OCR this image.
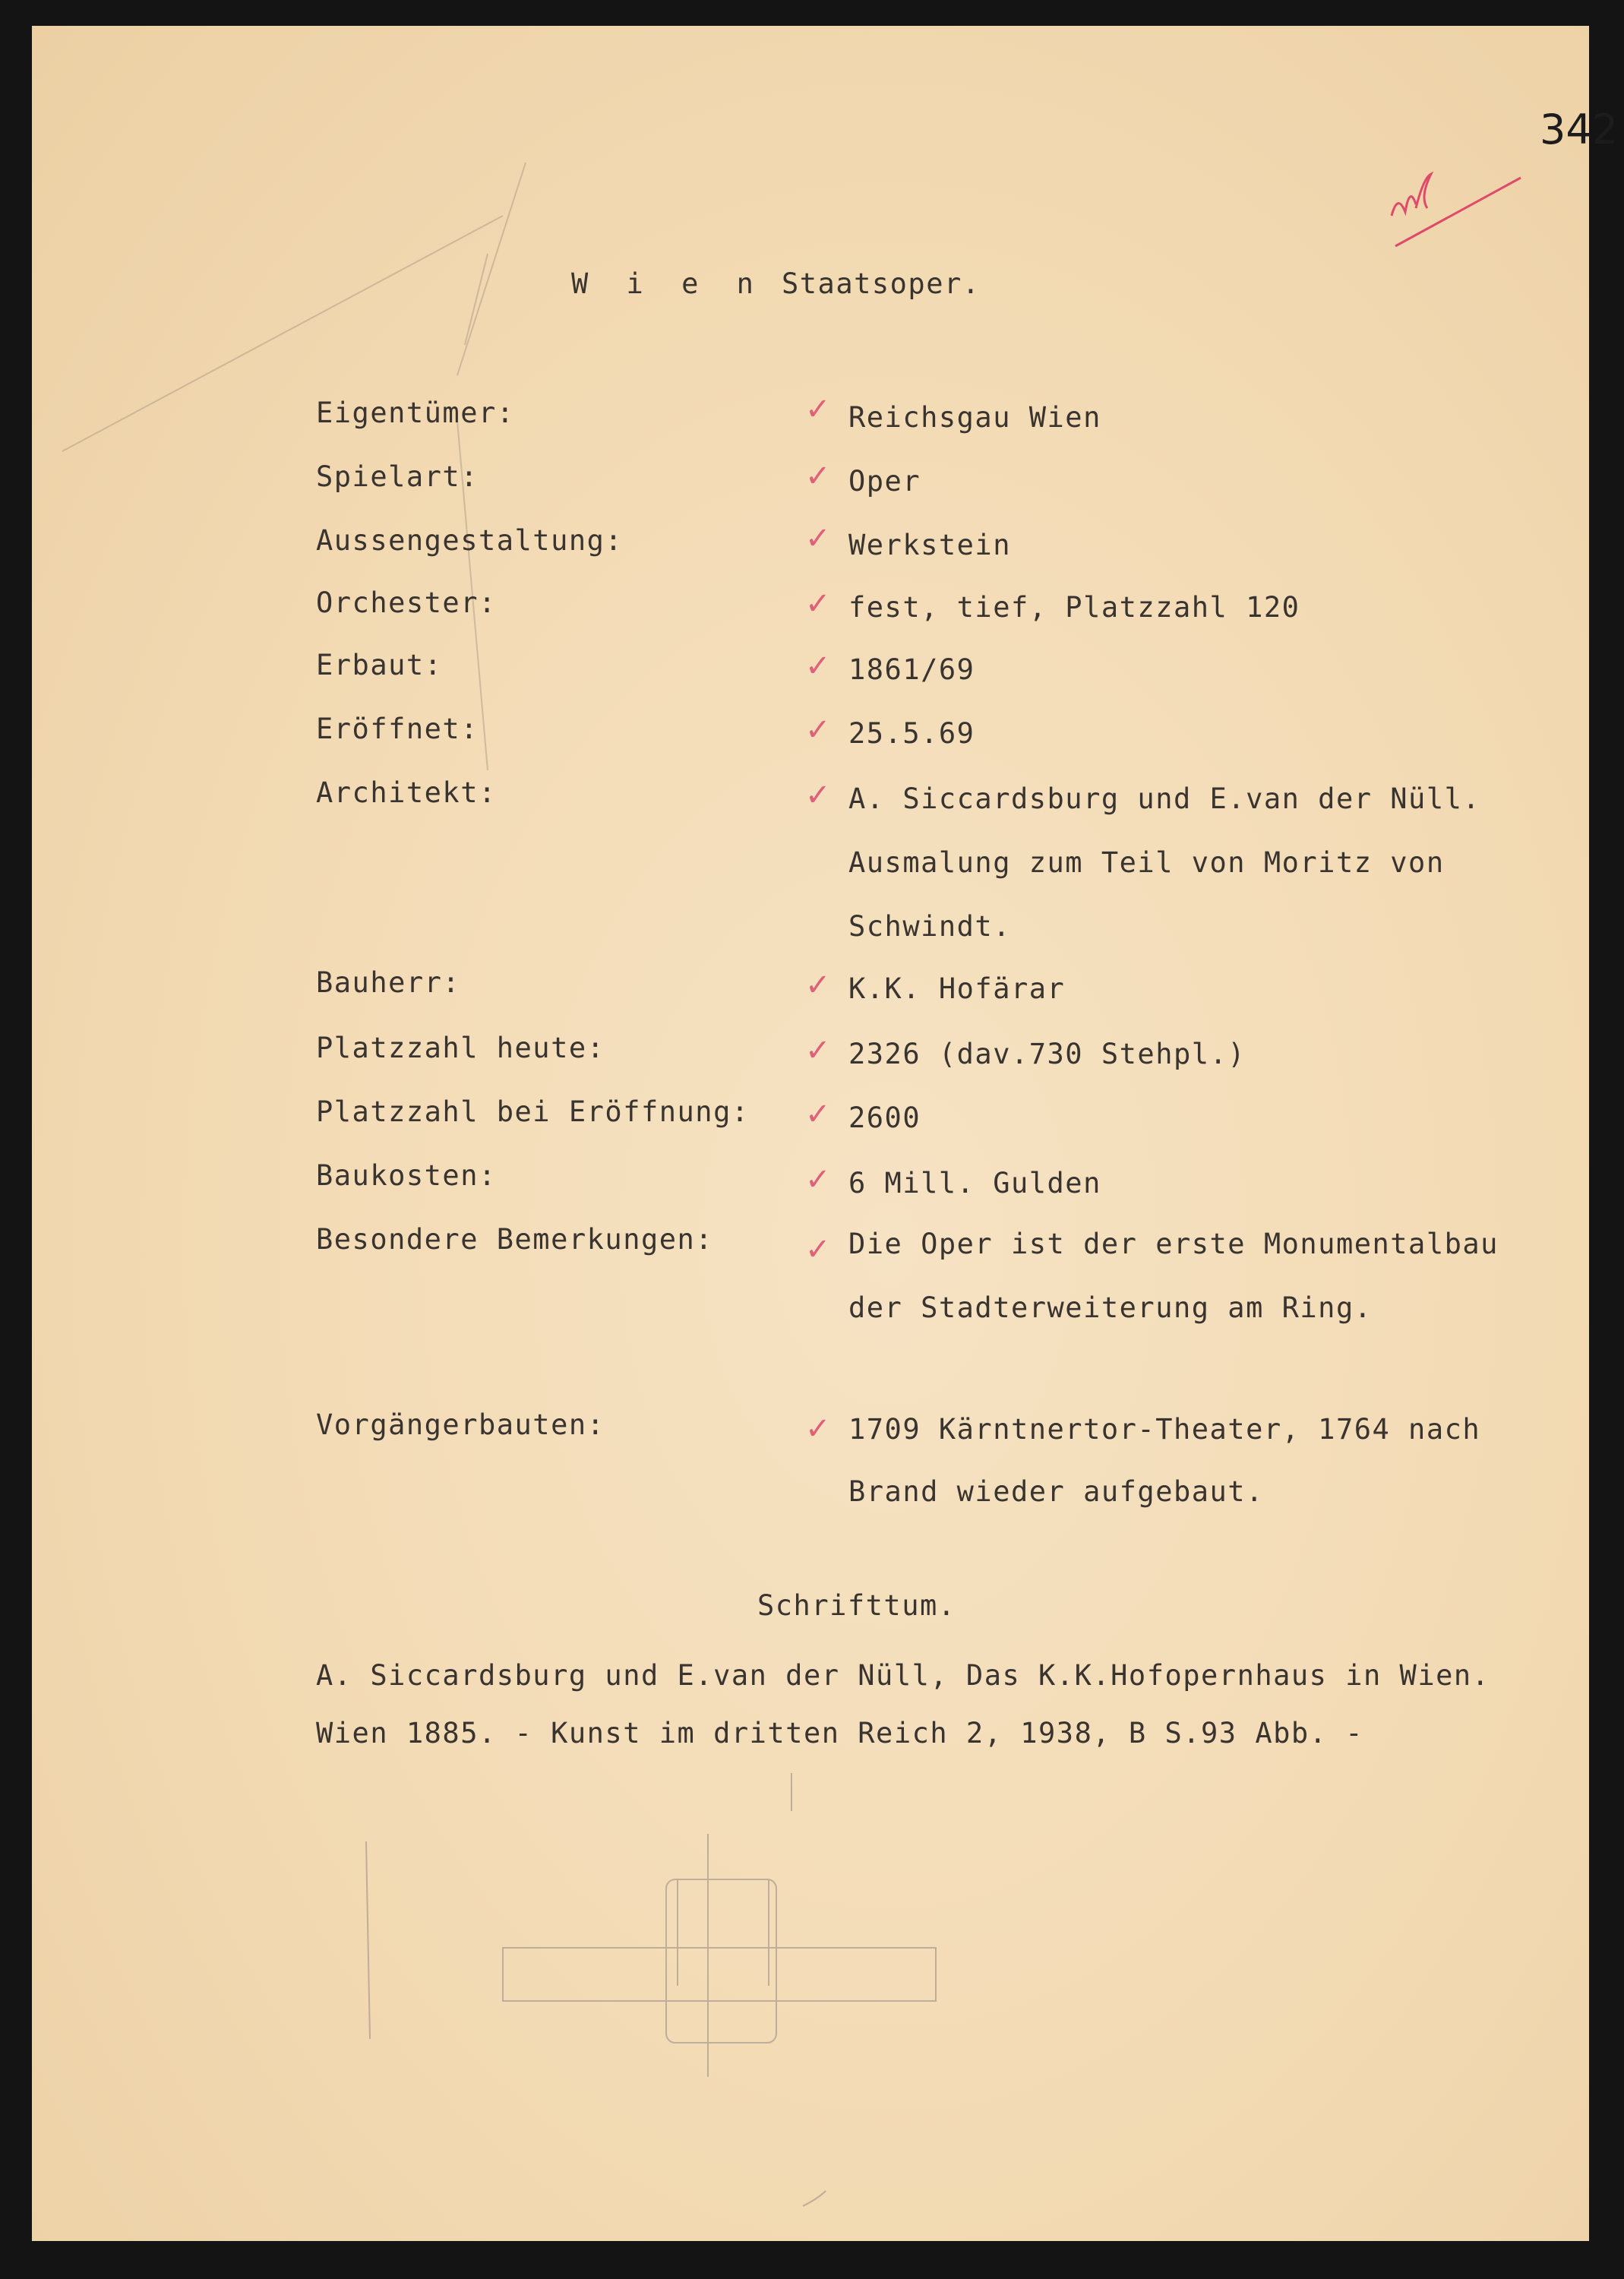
342
W i e n Staatsoper.
Eigentümer:	✓ Reichsgau Wien
Spielart:	✓ Oper
Aussengestaltung:	✓ Werkstein
Orchester:	✓ fest, tief, Platzzahl 120
Erbaut:	✓ 1861/69
Eröffnet:	✓ 25.5.69
Architekt:	✓ A. Siccardsburg und E.van der Nüll.
Ausmalung zum Teil von Moritz von
Schwindt.
Bauherr:	✓ K.K. Hofärar
Platzzahl heute:	✓ 2326 (dav.730 Stehpl.)
Platzzahl bei Eröffnung: ✓ 2600
Baukosten:	✓ 6 Mill. Gulden
Besondere Bemerkungen:	✓ Die Oper ist der erste Monumentalbau
der Stadterweiterung am Ring.
Vorgängerbauten:	✓ 1709 Kärntnertor-Theater, 1764 nach
Brand wieder aufgebaut.
Schrifttum.
A. Siccardsburg und E.van der Nüll, Das K.K.Hofopernhaus in Wien.
Wien 1885. - Kunst im dritten Reich 2, 1938, B S.93 Abb. -
